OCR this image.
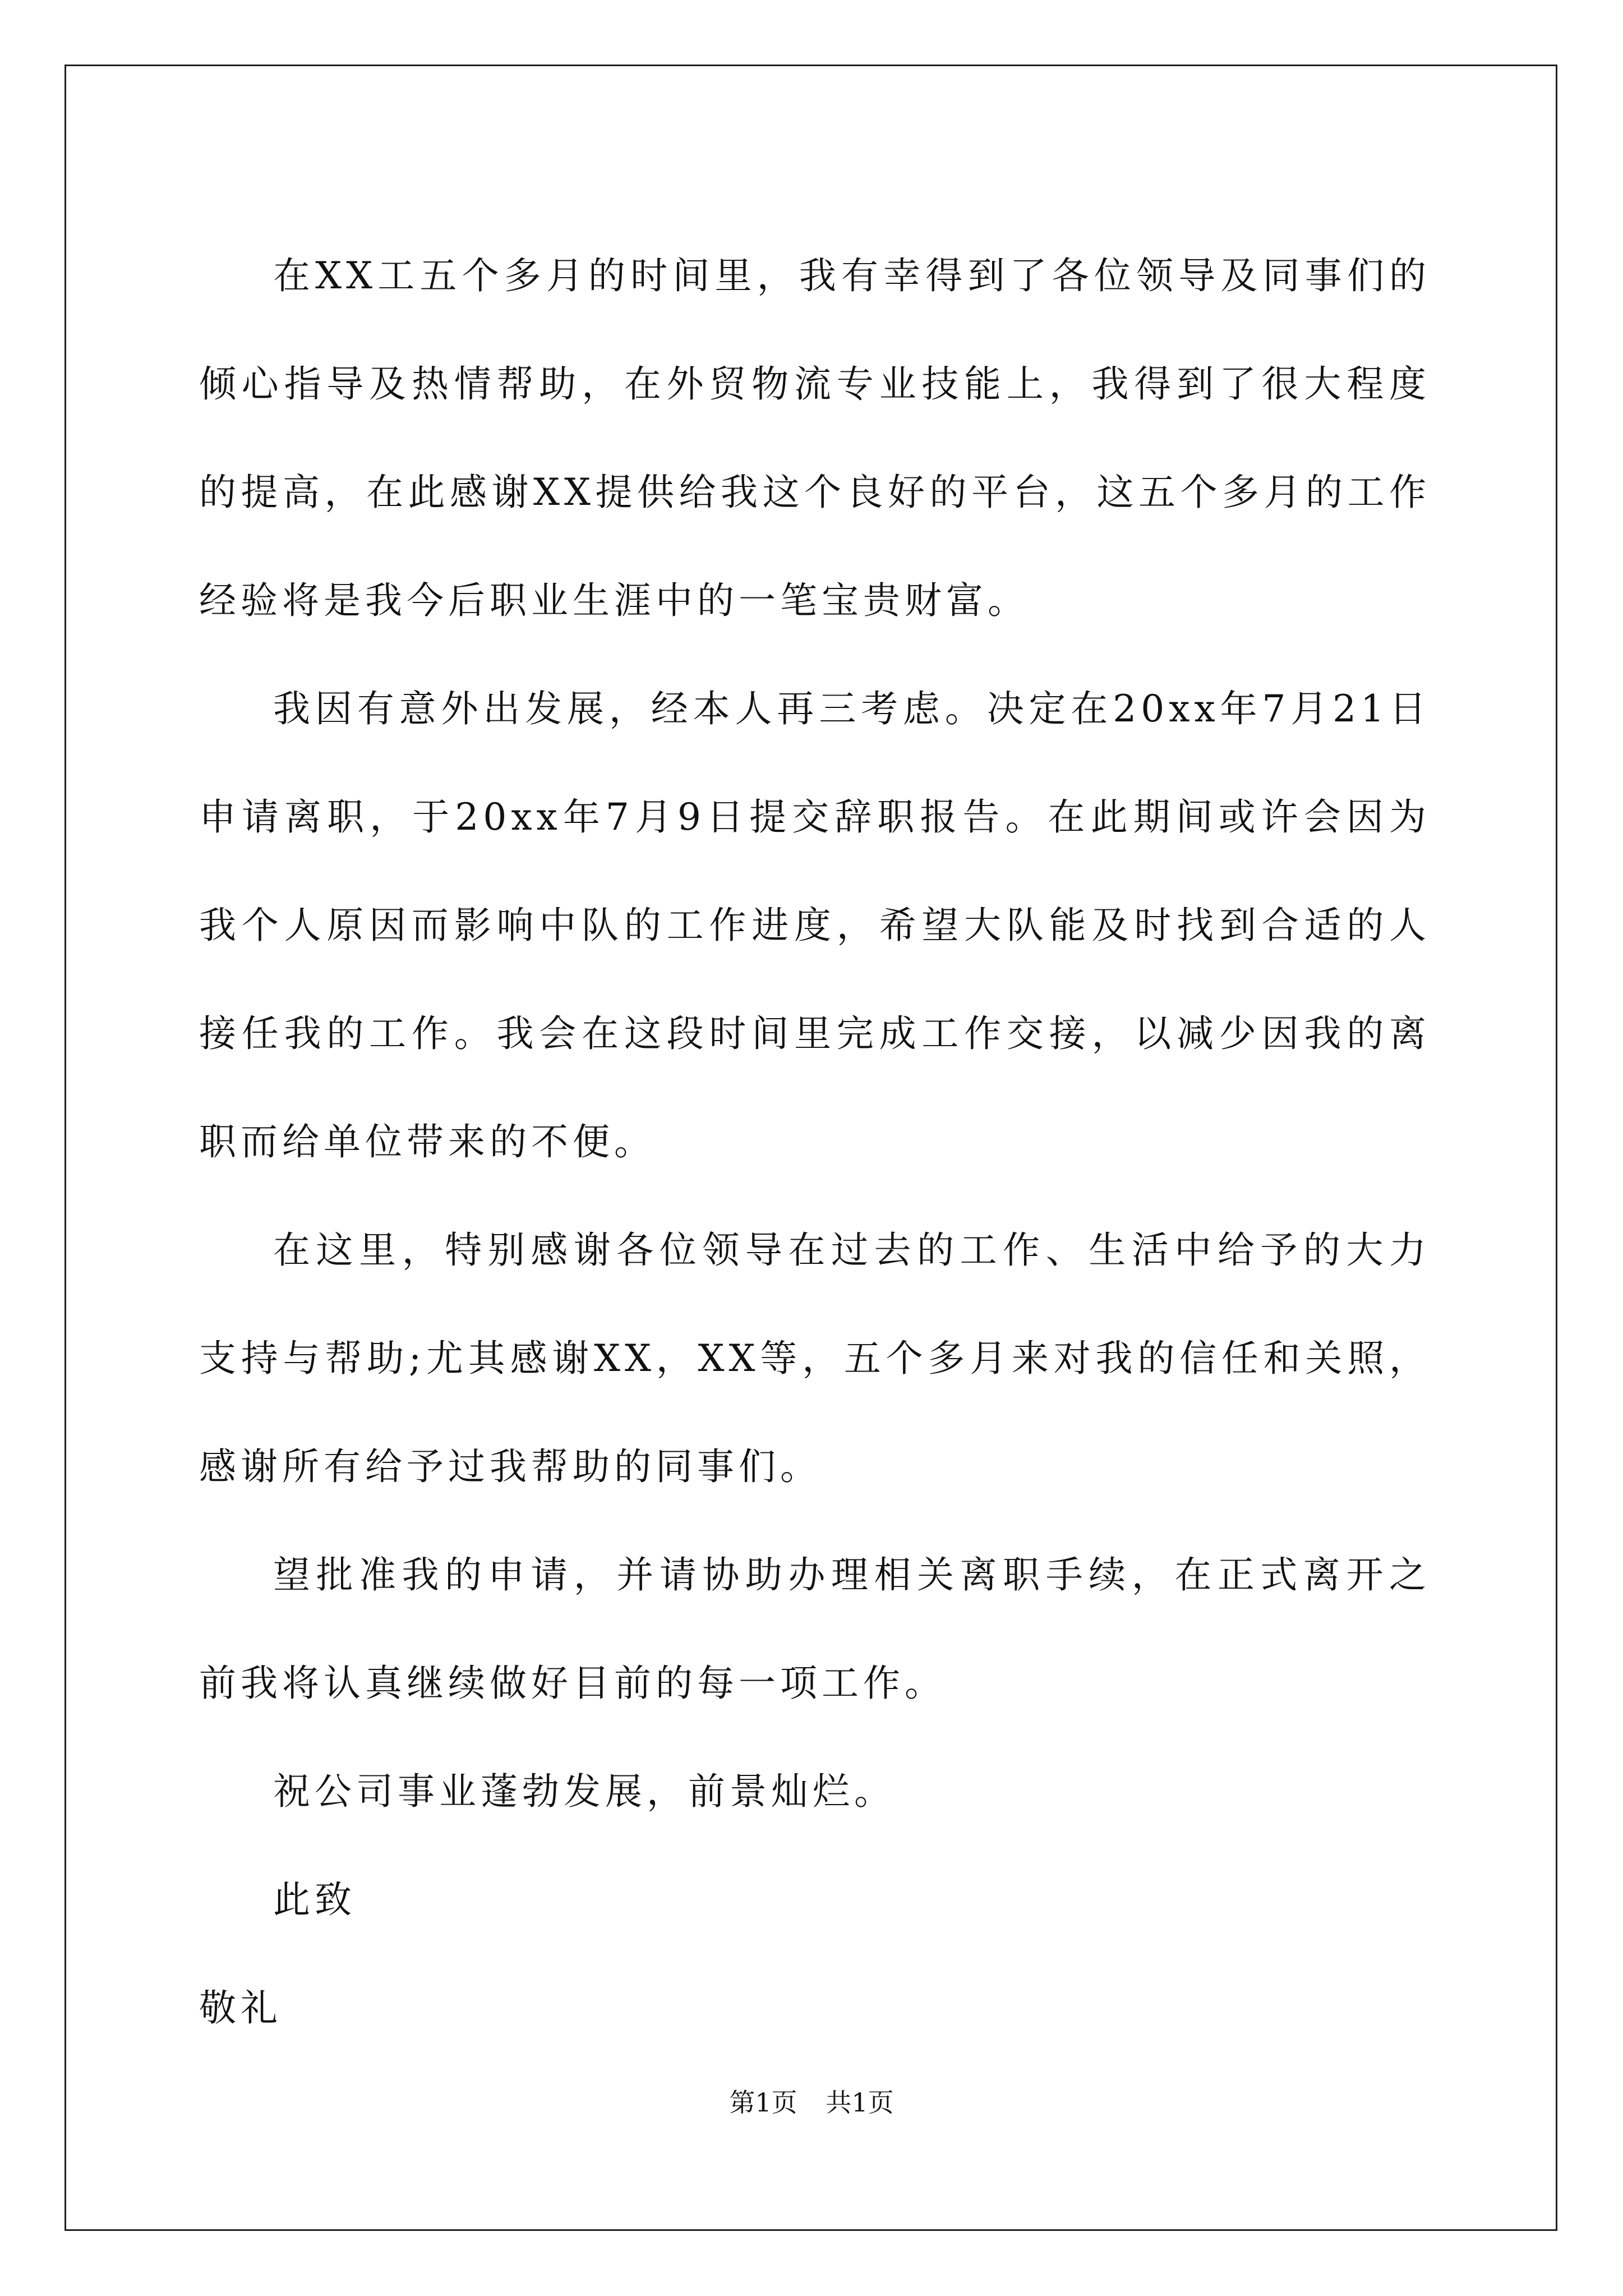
在XX工五个多月的时间里，我有幸得到了各位领导及同事们的倾心指导及热情帮助，在外贸物流专业技能上，我得到了很大程度的提高，在此感谢XX提供给我这个良好的平台，这五个多月的工作经验将是我今后职业生涯中的一笔宝贵财富。

我因有意外出发展，经本人再三考虑。决定在20xx年7月21日申请离职，于20xx年7月9日提交辞职报告。在此期间或许会因为我个人原因而影响中队的工作进度，希望大队能及时找到合适的人接任我的工作。我会在这段时间里完成工作交接，以减少因我的离职而给单位带来的不便。

在这里，特别感谢各位领导在过去的工作、生活中给予的大力支持与帮助;尤其感谢XX，XX等，五个多月来对我的信任和关照，感谢所有给予过我帮助的同事们。

望批准我的申请，并请协助办理相关离职手续，在正式离开之前我将认真继续做好目前的每一项工作。

祝公司事业蓬勃发展，前景灿烂。

此致

敬礼

第1页 共1页
